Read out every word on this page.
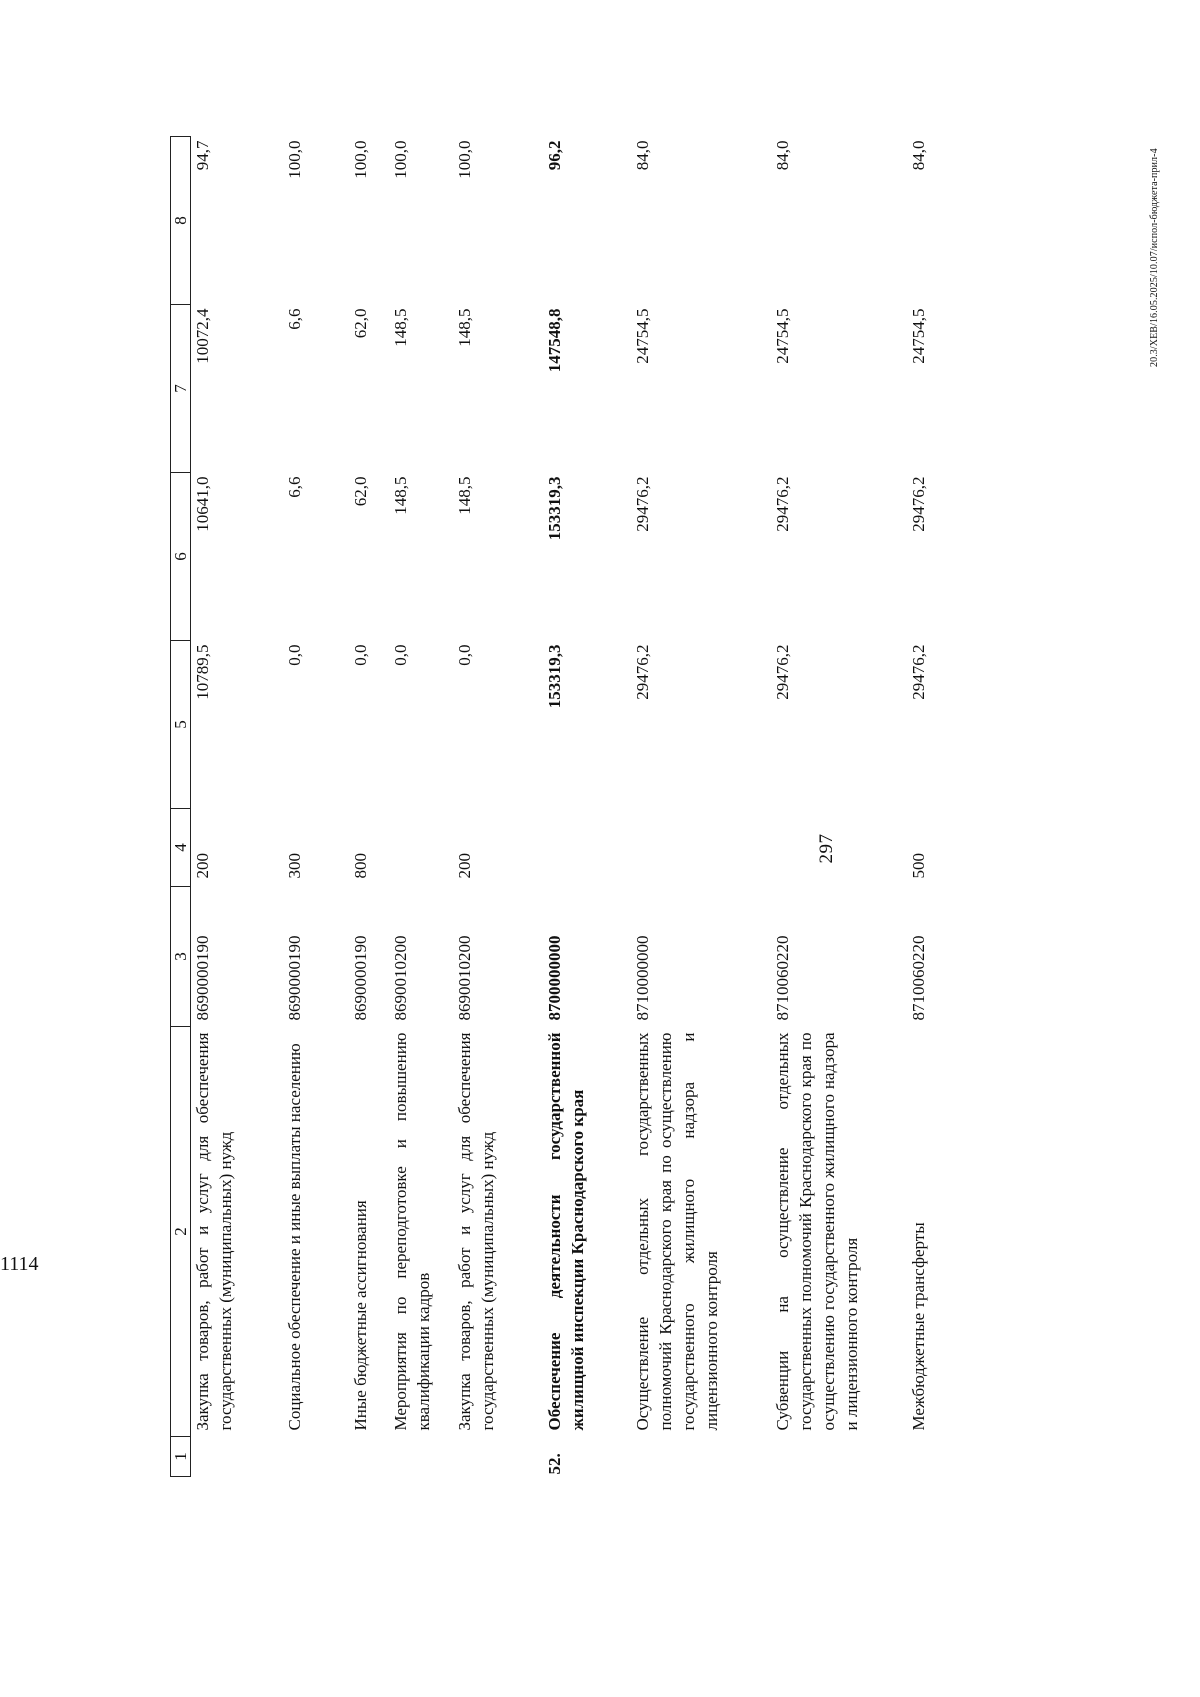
297
1	2	3	4	5	6	7	8
	Закупка товаров, работ и услуг для обеспечения государственных (муниципальных) нужд	8690000190	200	10789,5	10641,0	10072,4	94,7
	Социальное обеспечение и иные выплаты населению	8690000190	300	0,0	6,6	6,6	100,0
	Иные бюджетные ассигнования	8690000190	800	0,0	62,0	62,0	100,0
	Мероприятия по переподготовке и повышению квалификации кадров	8690010200		0,0	148,5	148,5	100,0
	Закупка товаров, работ и услуг для обеспечения государственных (муниципальных) нужд	8690010200	200	0,0	148,5	148,5	100,0
52.	Обеспечение деятельности государственной жилищной инспекции Краснодарского края	8700000000		153319,3	153319,3	147548,8	96,2
	Осуществление отдельных государственных полномочий Краснодарского края по осуществлению государственного жилищного надзора и лицензионного контроля	8710000000		29476,2	29476,2	24754,5	84,0
	Субвенции на осуществление отдельных государственных полномочий Краснодарского края по осуществлению государственного жилищного надзора и лицензионного контроля	8710060220		29476,2	29476,2	24754,5	84,0
	Межбюджетные трансферты	8710060220	500	29476,2	29476,2	24754,5	84,0	20.3/XEB/16.05.2025/10.07/испол-бюджета-прил-4
1114
